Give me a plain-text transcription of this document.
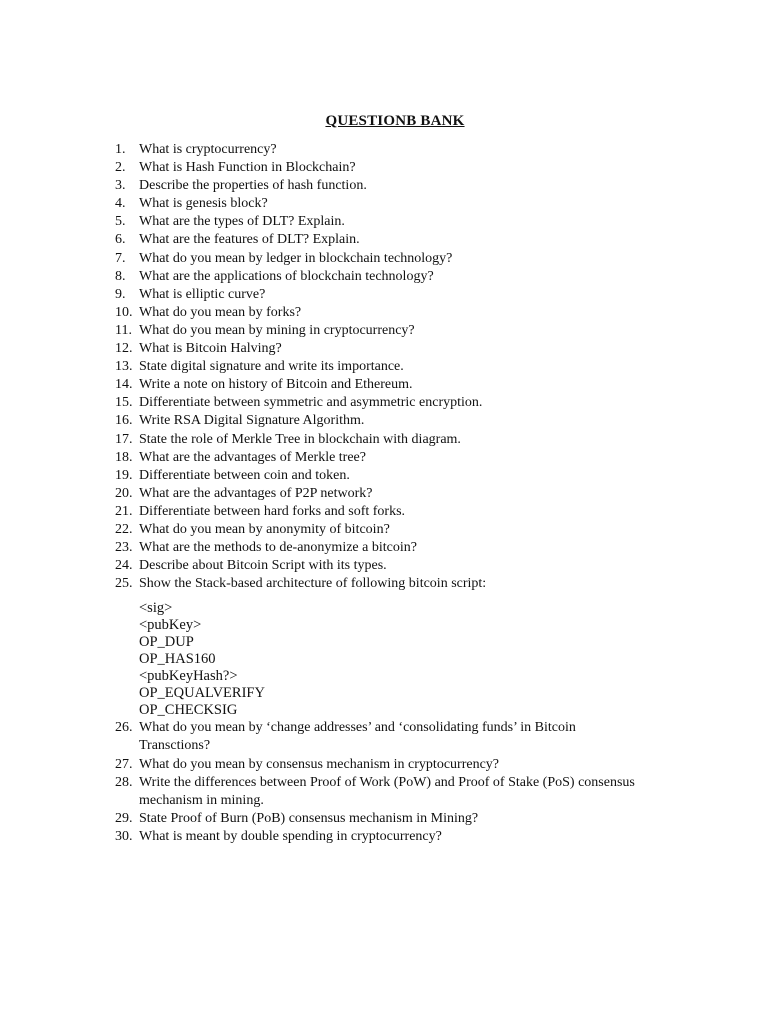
QUESTIONB BANK
1. What is cryptocurrency?
2. What is Hash Function in Blockchain?
3. Describe the properties of hash function.
4. What is genesis block?
5. What are the types of DLT? Explain.
6. What are the features of DLT? Explain.
7. What do you mean by ledger in blockchain technology?
8. What are the applications of blockchain technology?
9. What is elliptic curve?
10. What do you mean by forks?
11. What do you mean by mining in cryptocurrency?
12. What is Bitcoin Halving?
13. State digital signature and write its importance.
14. Write a note on history of Bitcoin and Ethereum.
15. Differentiate between symmetric and asymmetric encryption.
16. Write RSA Digital Signature Algorithm.
17. State the role of Merkle Tree in blockchain with diagram.
18. What are the advantages of Merkle tree?
19. Differentiate between coin and token.
20. What are the advantages of P2P network?
21. Differentiate between hard forks and soft forks.
22. What do you mean by anonymity of bitcoin?
23. What are the methods to de-anonymize a bitcoin?
24. Describe about Bitcoin Script with its types.
25. Show the Stack-based architecture of following bitcoin script:
<sig>
<pubKey>
OP_DUP
OP_HAS160
<pubKeyHash?>
OP_EQUALVERIFY
OP_CHECKSIG
26. What do you mean by ‘change addresses’ and ‘consolidating funds’ in Bitcoin Transctions?
27. What do you mean by consensus mechanism in cryptocurrency?
28. Write the differences between Proof of Work (PoW) and Proof of Stake (PoS) consensus mechanism in mining.
29. State Proof of Burn (PoB) consensus mechanism in Mining?
30. What is meant by double spending in cryptocurrency?
